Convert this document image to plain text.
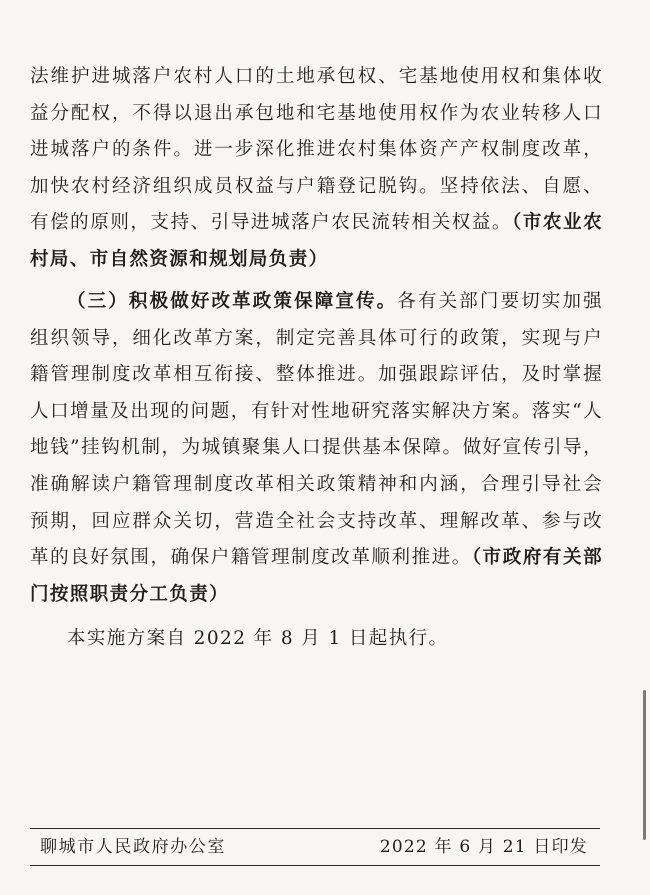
法维护进城落户农村人口的土地承包权、宅基地使用权和集体收益分配权，不得以退出承包地和宅基地使用权作为农业转移人口进城落户的条件。进一步深化推进农村集体资产产权制度改革，加快农村经济组织成员权益与户籍登记脱钩。坚持依法、自愿、有偿的原则，支持、引导进城落户农民流转相关权益。（市农业农村局、市自然资源和规划局负责）

（三）积极做好改革政策保障宣传。各有关部门要切实加强组织领导，细化改革方案，制定完善具体可行的政策，实现与户籍管理制度改革相互衔接、整体推进。加强跟踪评估，及时掌握人口增量及出现的问题，有针对性地研究落实解决方案。落实“人地钱”挂钩机制，为城镇聚集人口提供基本保障。做好宣传引导，准确解读户籍管理制度改革相关政策精神和内涵，合理引导社会预期，回应群众关切，营造全社会支持改革、理解改革、参与改革的良好氛围，确保户籍管理制度改革顺利推进。（市政府有关部门按照职责分工负责）

本实施方案自 2022 年 8 月 1 日起执行。

聊城市人民政府办公室	2022 年 6 月 21 日印发
